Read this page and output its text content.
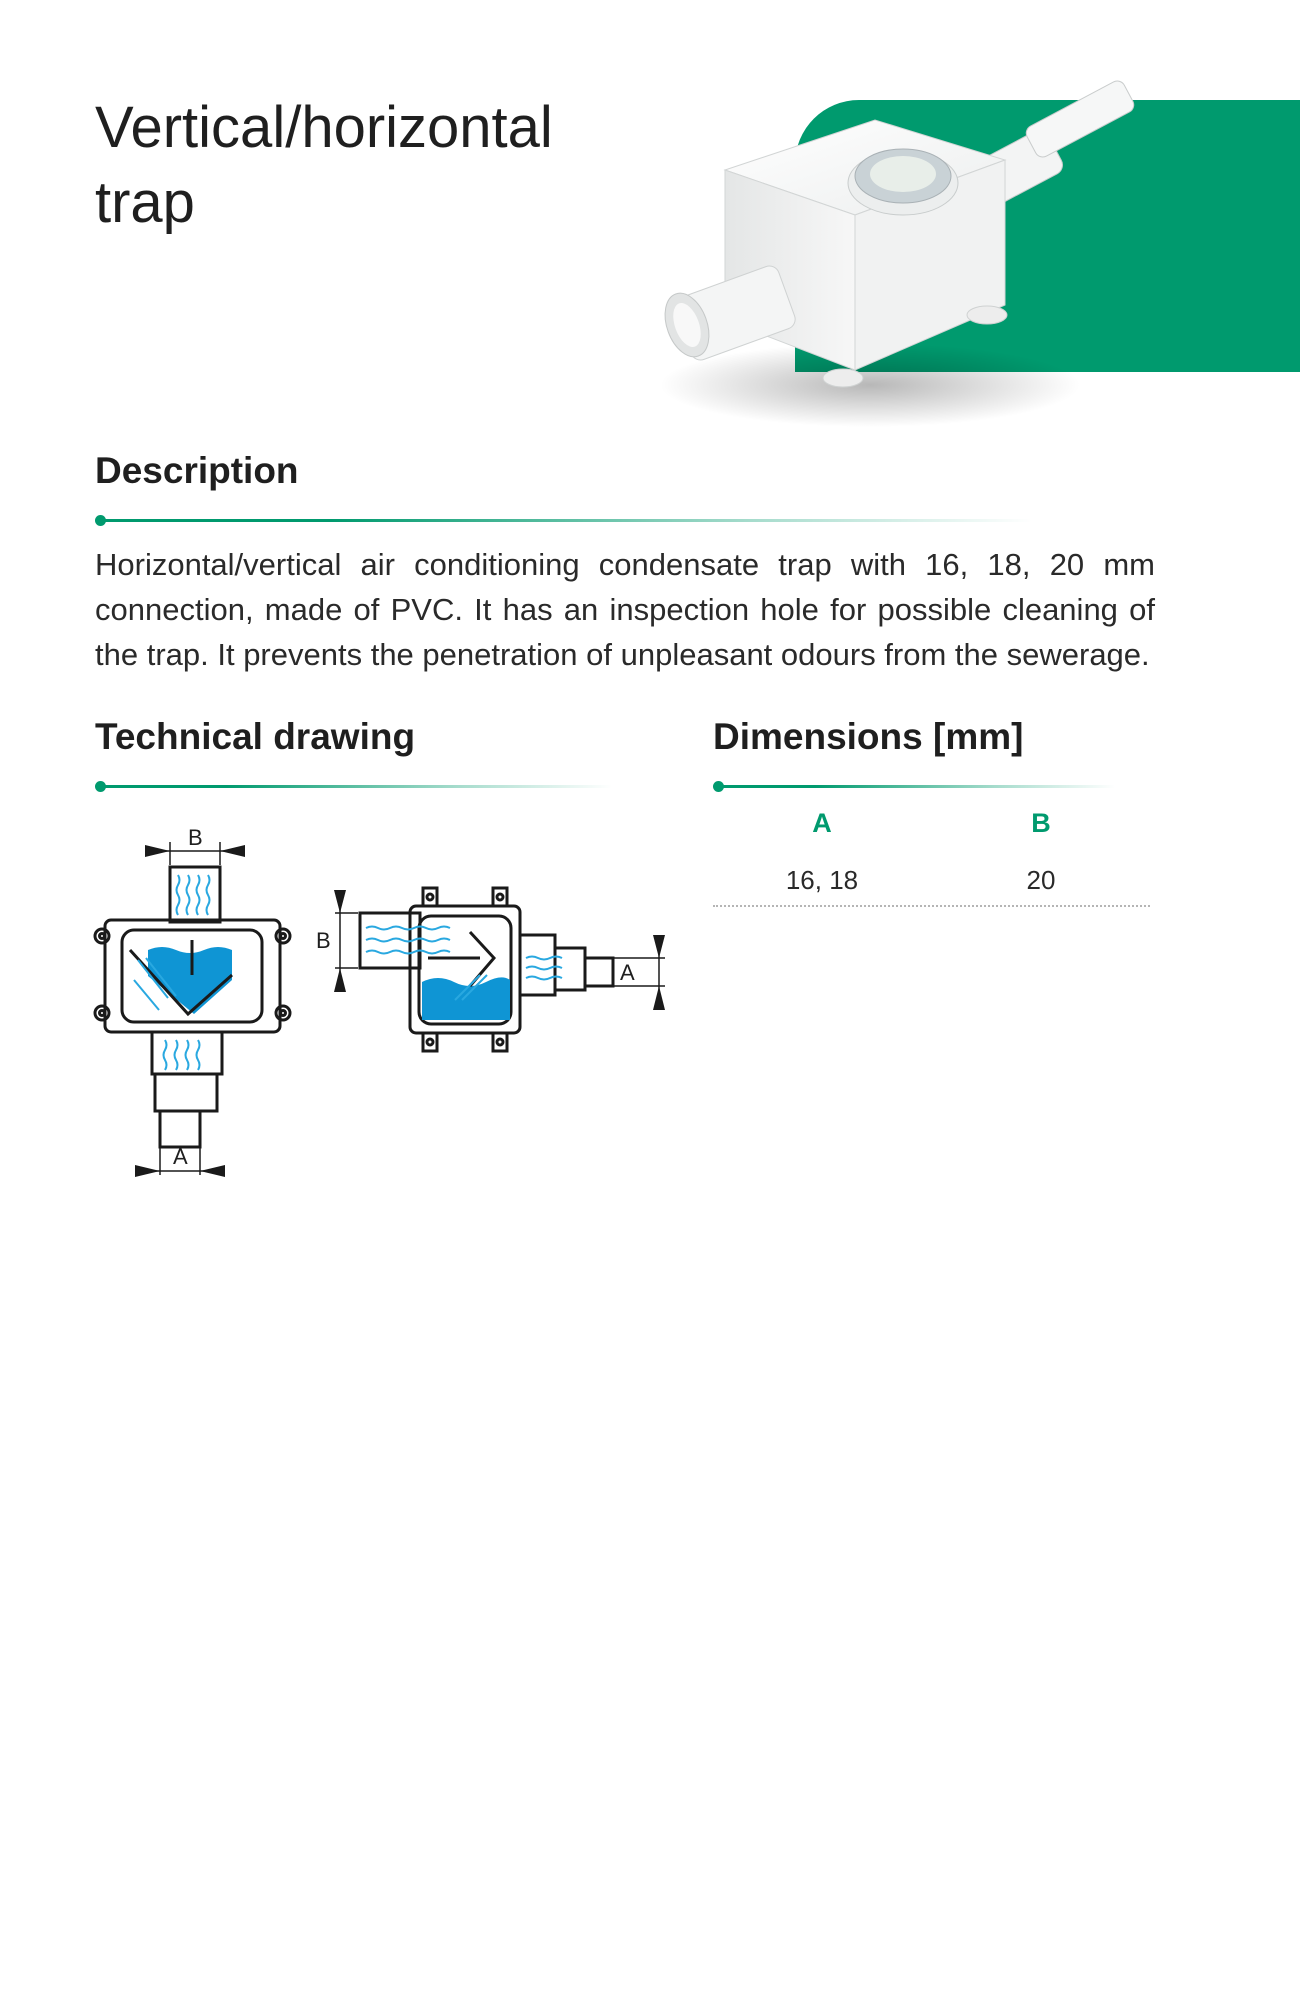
Vertical/horizontal
trap
Description

Horizontal/vertical air conditioning condensate trap with 16, 18, 20 mm connection, made of PVC. It has an inspection hole for possible cleaning of the trap. It prevents the penetration of unpleasant odours from the sewerage.

Technical drawing
B
A
B
A
Dimensions [mm]
A	B
16, 18	20
